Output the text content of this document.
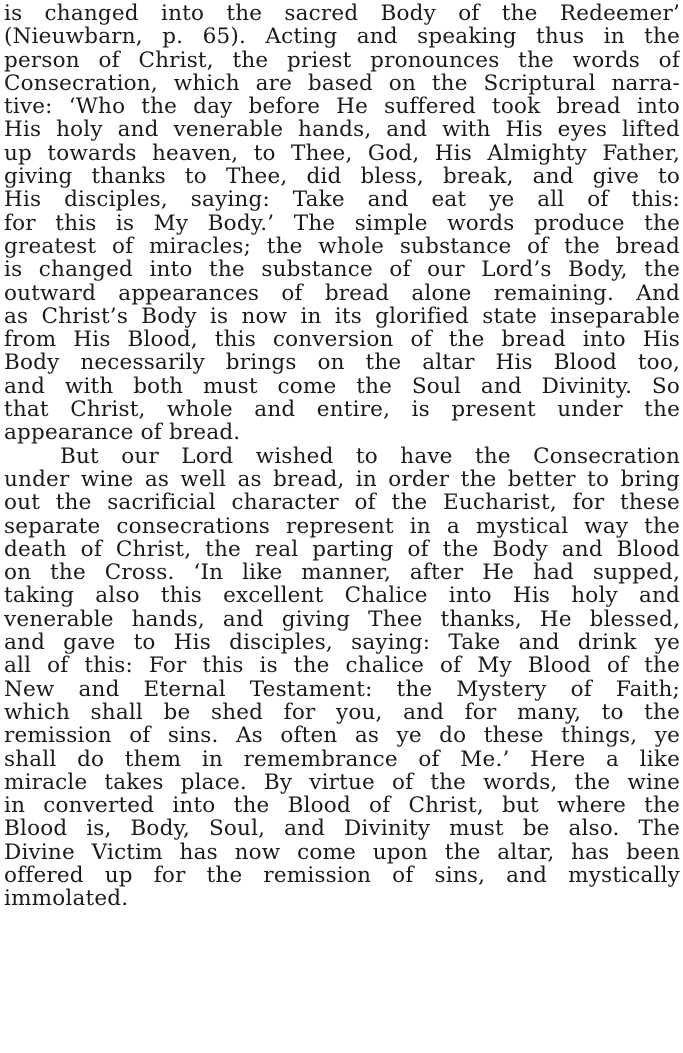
is changed into the sacred Body of the Redeemer’
(Nieuwbarn, p. 65). Acting and speaking thus in the
person of Christ, the priest pronounces the words of
Consecration, which are based on the Scriptural narra-
tive: ‘Who the day before He suffered took bread into
His holy and venerable hands, and with His eyes lifted
up towards heaven, to Thee, God, His Almighty Father,
giving thanks to Thee, did bless, break, and give to
His disciples, saying: Take and eat ye all of this:
for this is My Body.’ The simple words produce the
greatest of miracles; the whole substance of the bread
is changed into the substance of our Lord’s Body, the
outward appearances of bread alone remaining. And
as Christ’s Body is now in its glorified state inseparable
from His Blood, this conversion of the bread into His
Body necessarily brings on the altar His Blood too,
and with both must come the Soul and Divinity. So
that Christ, whole and entire, is present under the
appearance of bread.
But our Lord wished to have the Consecration
under wine as well as bread, in order the better to bring
out the sacrificial character of the Eucharist, for these
separate consecrations represent in a mystical way the
death of Christ, the real parting of the Body and Blood
on the Cross. ‘In like manner, after He had supped,
taking also this excellent Chalice into His holy and
venerable hands, and giving Thee thanks, He blessed,
and gave to His disciples, saying: Take and drink ye
all of this: For this is the chalice of My Blood of the
New and Eternal Testament: the Mystery of Faith;
which shall be shed for you, and for many, to the
remission of sins. As often as ye do these things, ye
shall do them in remembrance of Me.’ Here a like
miracle takes place. By virtue of the words, the wine
in converted into the Blood of Christ, but where the
Blood is, Body, Soul, and Divinity must be also. The
Divine Victim has now come upon the altar, has been
offered up for the remission of sins, and mystically
immolated.
